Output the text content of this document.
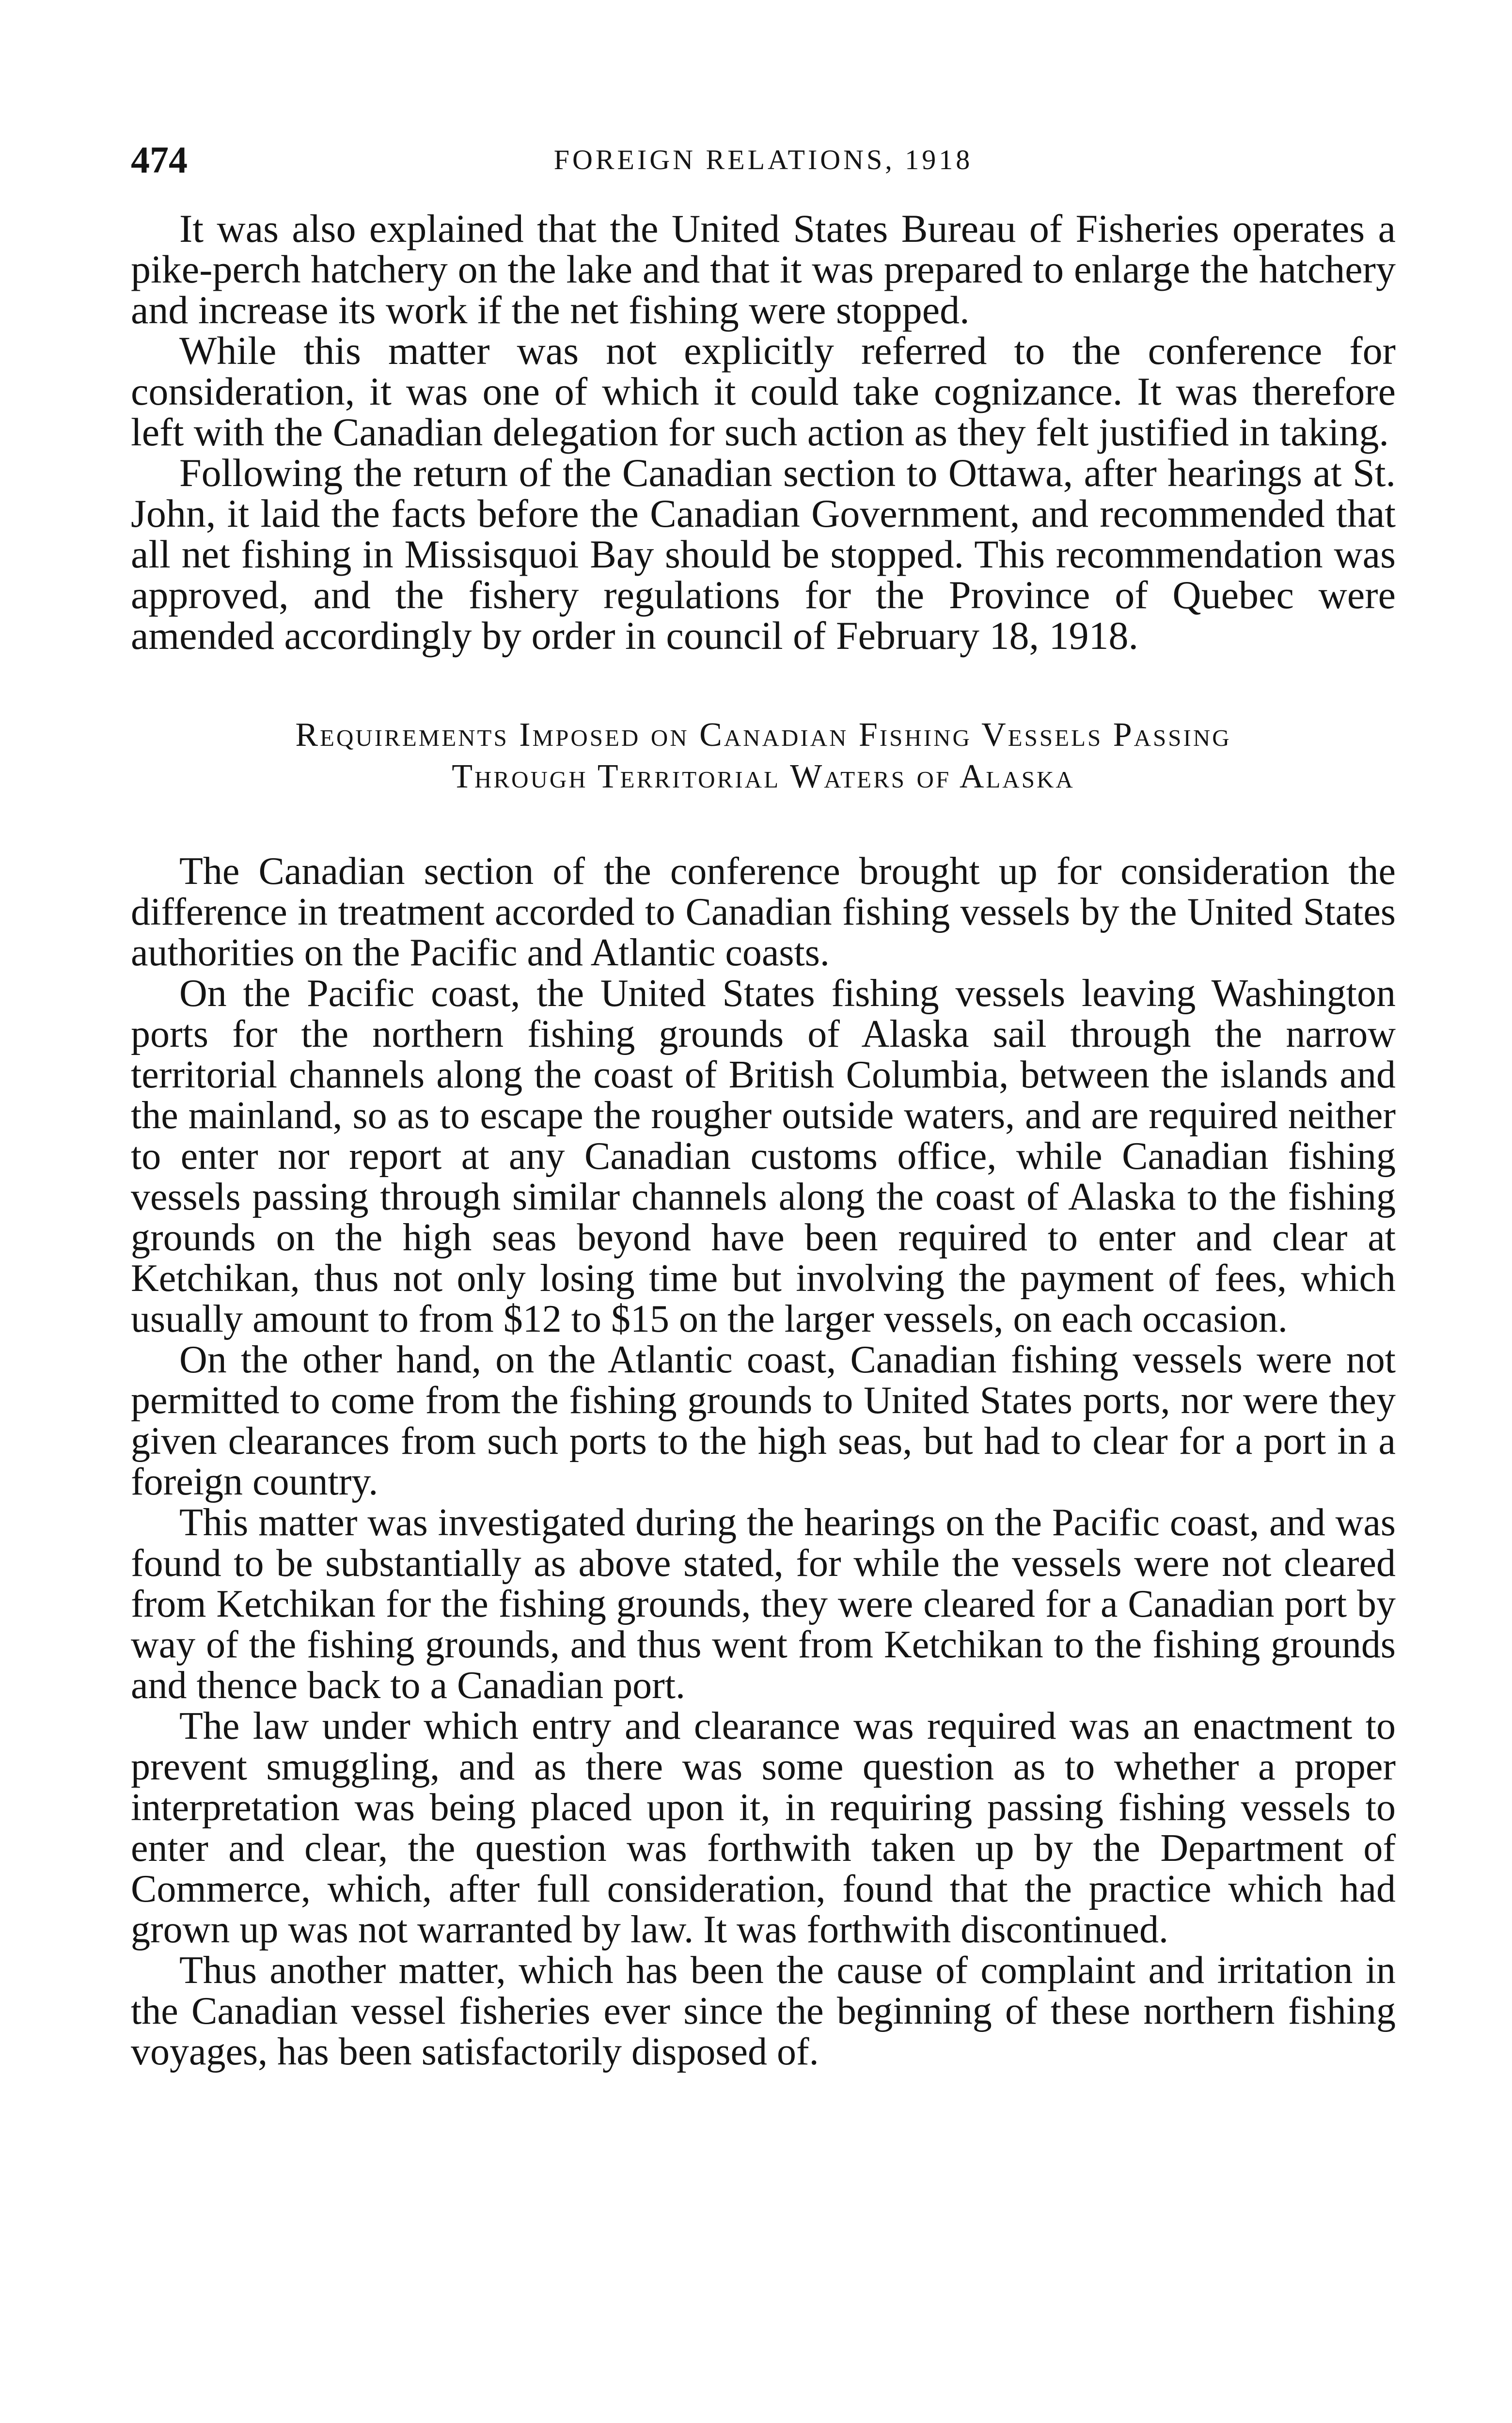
474	FOREIGN RELATIONS, 1918

It was also explained that the United States Bureau of Fisheries operates a pike-perch hatchery on the lake and that it was prepared to enlarge the hatchery and increase its work if the net fishing were stopped.

While this matter was not explicitly referred to the conference for consideration, it was one of which it could take cognizance. It was therefore left with the Canadian delegation for such action as they felt justified in taking.

Following the return of the Canadian section to Ottawa, after hearings at St. John, it laid the facts before the Canadian Government, and recommended that all net fishing in Missisquoi Bay should be stopped. This recommendation was approved, and the fishery regulations for the Province of Quebec were amended accordingly by order in council of February 18, 1918.

Requirements Imposed on Canadian Fishing Vessels Passing
Through Territorial Waters of Alaska

The Canadian section of the conference brought up for consideration the difference in treatment accorded to Canadian fishing vessels by the United States authorities on the Pacific and Atlantic coasts.

On the Pacific coast, the United States fishing vessels leaving Washington ports for the northern fishing grounds of Alaska sail through the narrow territorial channels along the coast of British Columbia, between the islands and the mainland, so as to escape the rougher outside waters, and are required neither to enter nor report at any Canadian customs office, while Canadian fishing vessels passing through similar channels along the coast of Alaska to the fishing grounds on the high seas beyond have been required to enter and clear at Ketchikan, thus not only losing time but involving the payment of fees, which usually amount to from $12 to $15 on the larger vessels, on each occasion.

On the other hand, on the Atlantic coast, Canadian fishing vessels were not permitted to come from the fishing grounds to United States ports, nor were they given clearances from such ports to the high seas, but had to clear for a port in a foreign country.

This matter was investigated during the hearings on the Pacific coast, and was found to be substantially as above stated, for while the vessels were not cleared from Ketchikan for the fishing grounds, they were cleared for a Canadian port by way of the fishing grounds, and thus went from Ketchikan to the fishing grounds and thence back to a Canadian port.

The law under which entry and clearance was required was an enactment to prevent smuggling, and as there was some question as to whether a proper interpretation was being placed upon it, in requiring passing fishing vessels to enter and clear, the question was forthwith taken up by the Department of Commerce, which, after full consideration, found that the practice which had grown up was not warranted by law. It was forthwith discontinued.

Thus another matter, which has been the cause of complaint and irritation in the Canadian vessel fisheries ever since the beginning of these northern fishing voyages, has been satisfactorily disposed of.
